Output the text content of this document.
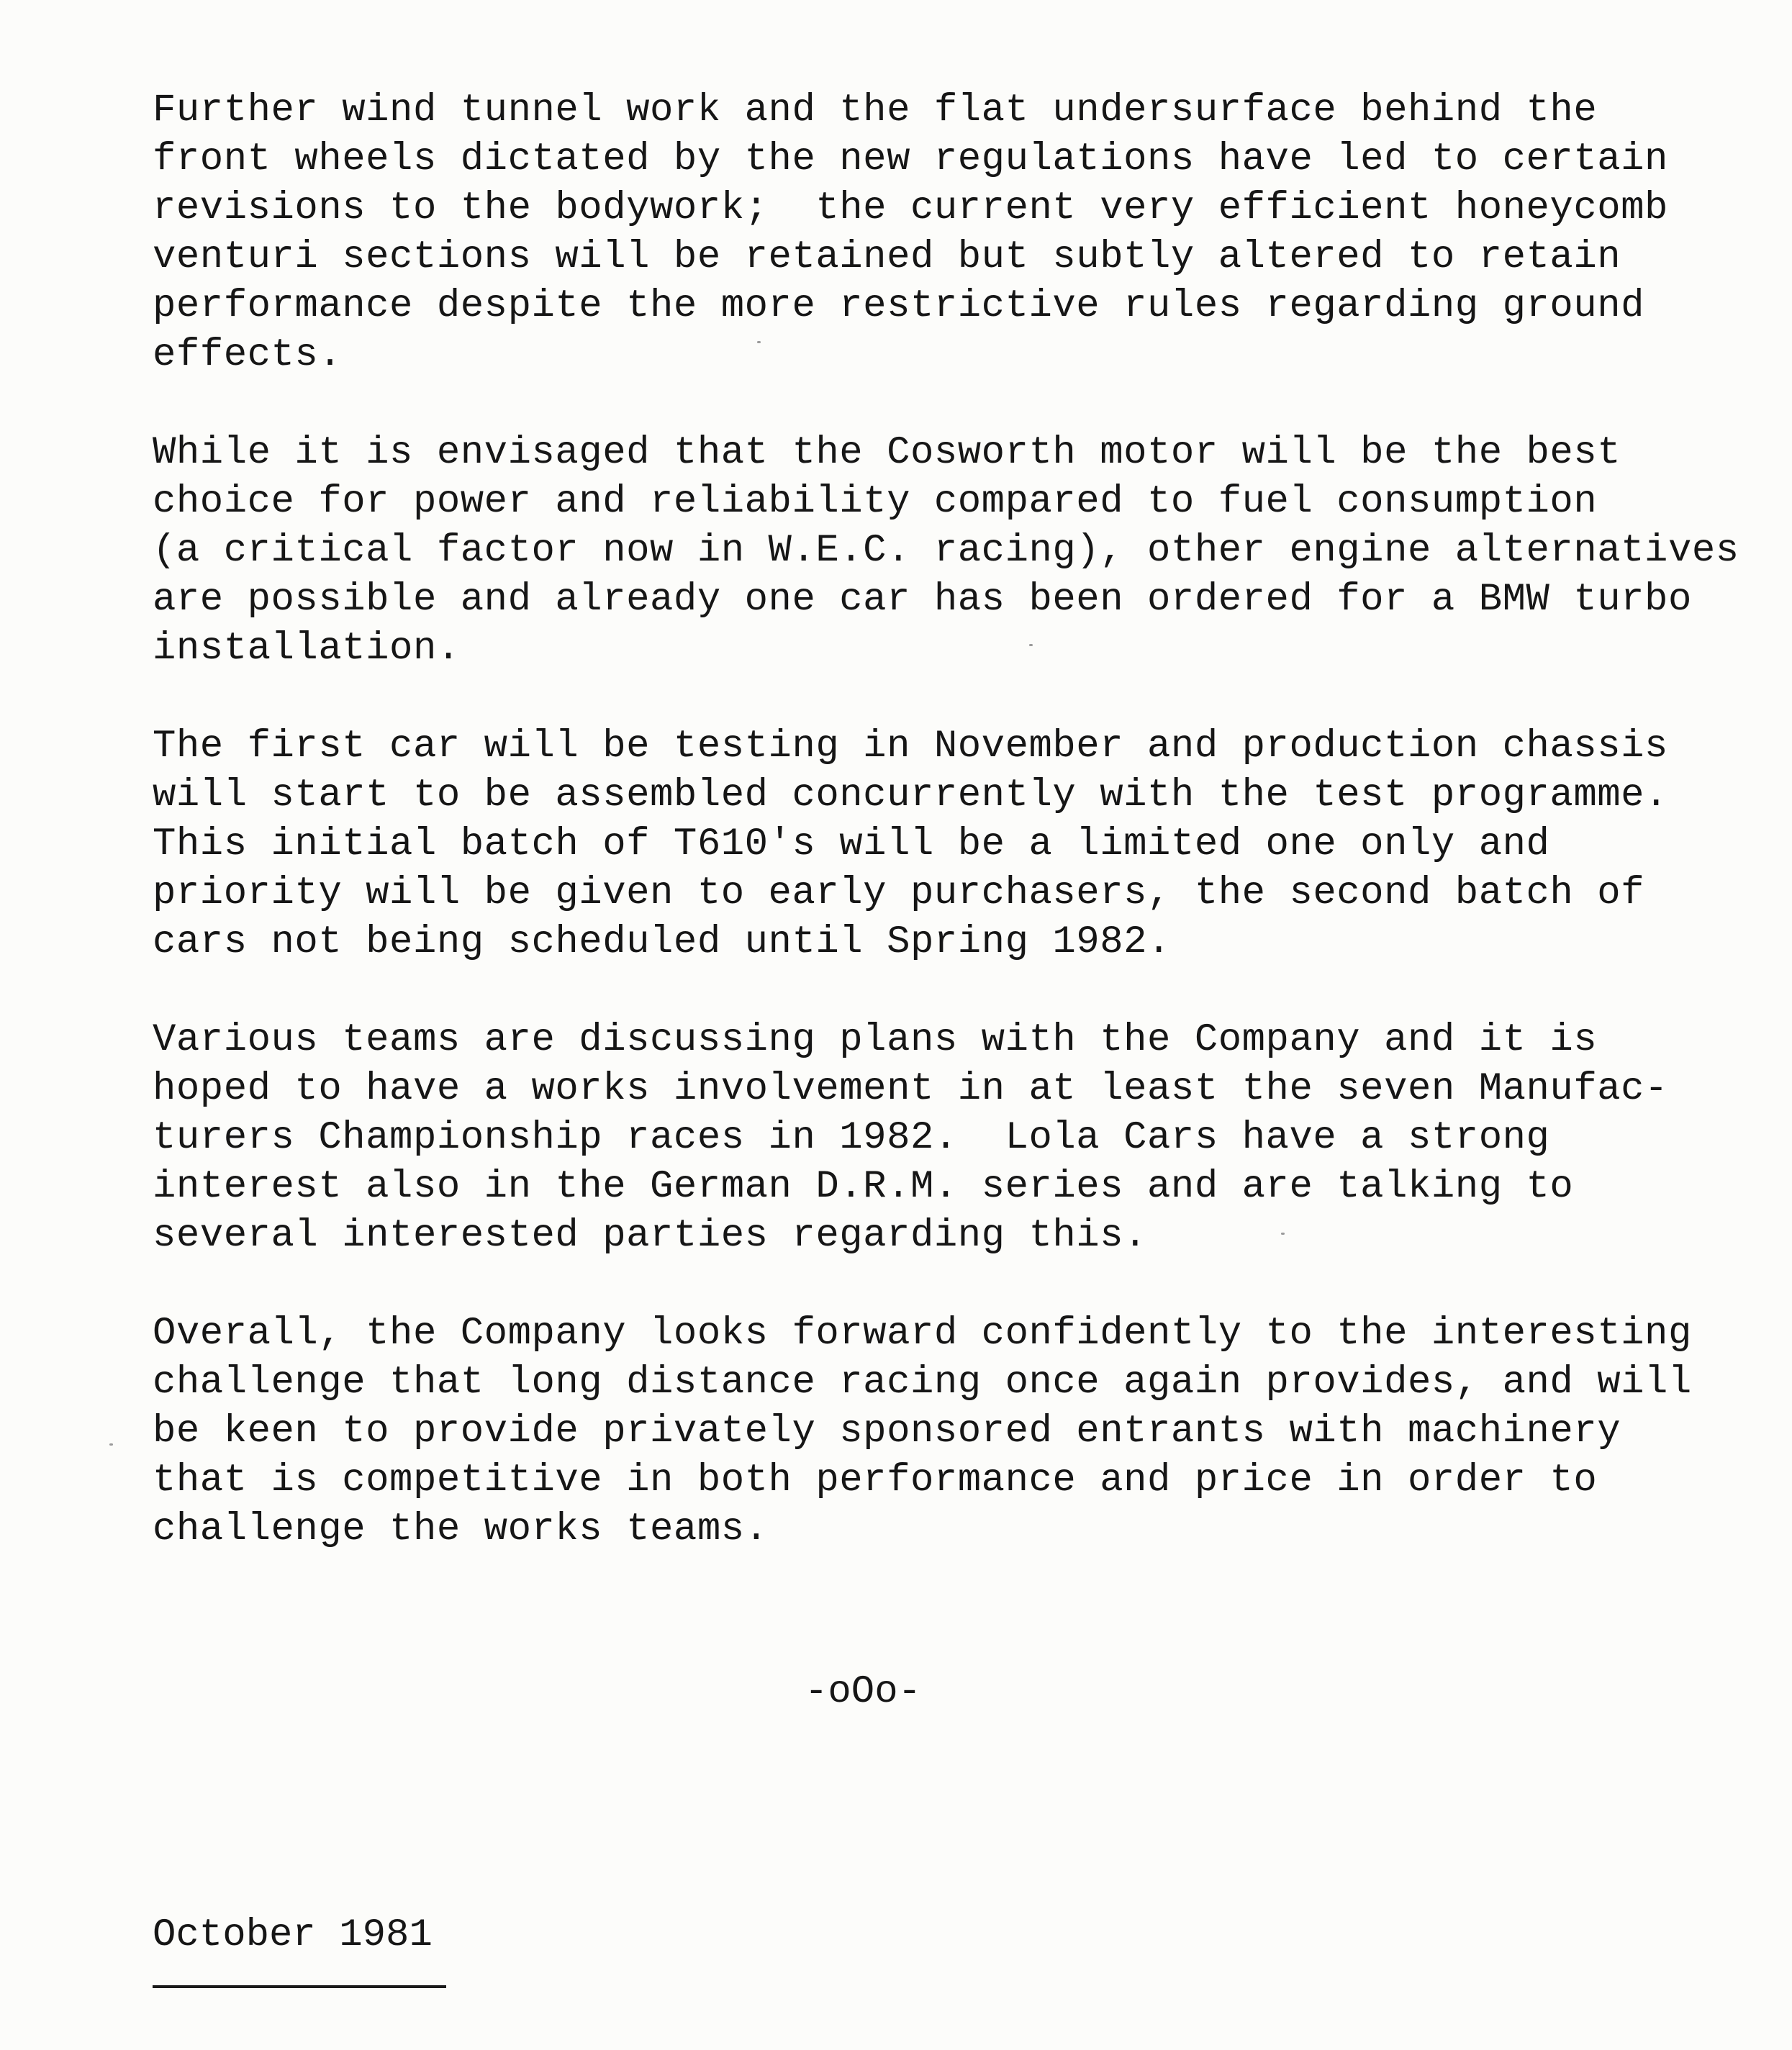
Further wind tunnel work and the flat undersurface behind the
front wheels dictated by the new regulations have led to certain
revisions to the bodywork;  the current very efficient honeycomb
venturi sections will be retained but subtly altered to retain
performance despite the more restrictive rules regarding ground
effects.
While it is envisaged that the Cosworth motor will be the best
choice for power and reliability compared to fuel consumption
(a critical factor now in W.E.C. racing), other engine alternatives
are possible and already one car has been ordered for a BMW turbo
installation.
The first car will be testing in November and production chassis
will start to be assembled concurrently with the test programme.
This initial batch of T610's will be a limited one only and
priority will be given to early purchasers, the second batch of
cars not being scheduled until Spring 1982.
Various teams are discussing plans with the Company and it is
hoped to have a works involvement in at least the seven Manufac-
turers Championship races in 1982.  Lola Cars have a strong
interest also in the German D.R.M. series and are talking to
several interested parties regarding this.
Overall, the Company looks forward confidently to the interesting
challenge that long distance racing once again provides, and will
be keen to provide privately sponsored entrants with machinery
that is competitive in both performance and price in order to
challenge the works teams.
-oOo-
October 1981
